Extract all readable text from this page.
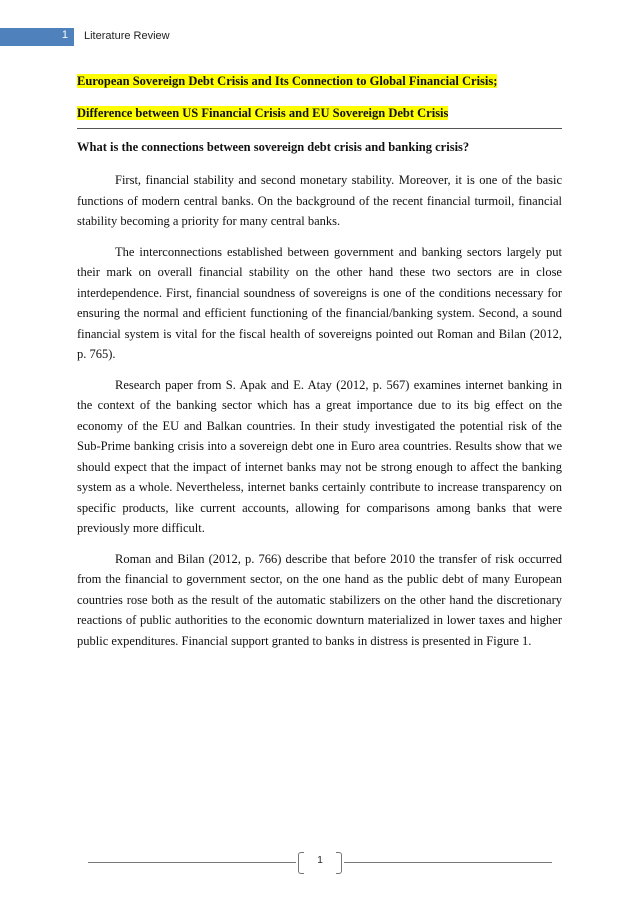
1 Literature Review

European Sovereign Debt Crisis and Its Connection to Global Financial Crisis;

Difference between US Financial Crisis and EU Sovereign Debt Crisis

What is the connections between sovereign debt crisis and banking crisis?

First, financial stability and second monetary stability. Moreover, it is one of the basic functions of modern central banks. On the background of the recent financial turmoil, financial stability becoming a priority for many central banks.

The interconnections established between government and banking sectors largely put their mark on overall financial stability on the other hand these two sectors are in close interdependence. First, financial soundness of sovereigns is one of the conditions necessary for ensuring the normal and efficient functioning of the financial/banking system. Second, a sound financial system is vital for the fiscal health of sovereigns pointed out Roman and Bilan (2012, p. 765).

Research paper from S. Apak and E. Atay (2012, p. 567) examines internet banking in the context of the banking sector which has a great importance due to its big effect on the economy of the EU and Balkan countries. In their study investigated the potential risk of the Sub-Prime banking crisis into a sovereign debt one in Euro area countries. Results show that we should expect that the impact of internet banks may not be strong enough to affect the banking system as a whole. Nevertheless, internet banks certainly contribute to increase transparency on specific products, like current accounts, allowing for comparisons among banks that were previously more difficult.

Roman and Bilan (2012, p. 766) describe that before 2010 the transfer of risk occurred from the financial to government sector, on the one hand as the public debt of many European countries rose both as the result of the automatic stabilizers on the other hand the discretionary reactions of public authorities to the economic downturn materialized in lower taxes and higher public expenditures. Financial support granted to banks in distress is presented in Figure 1.

1
